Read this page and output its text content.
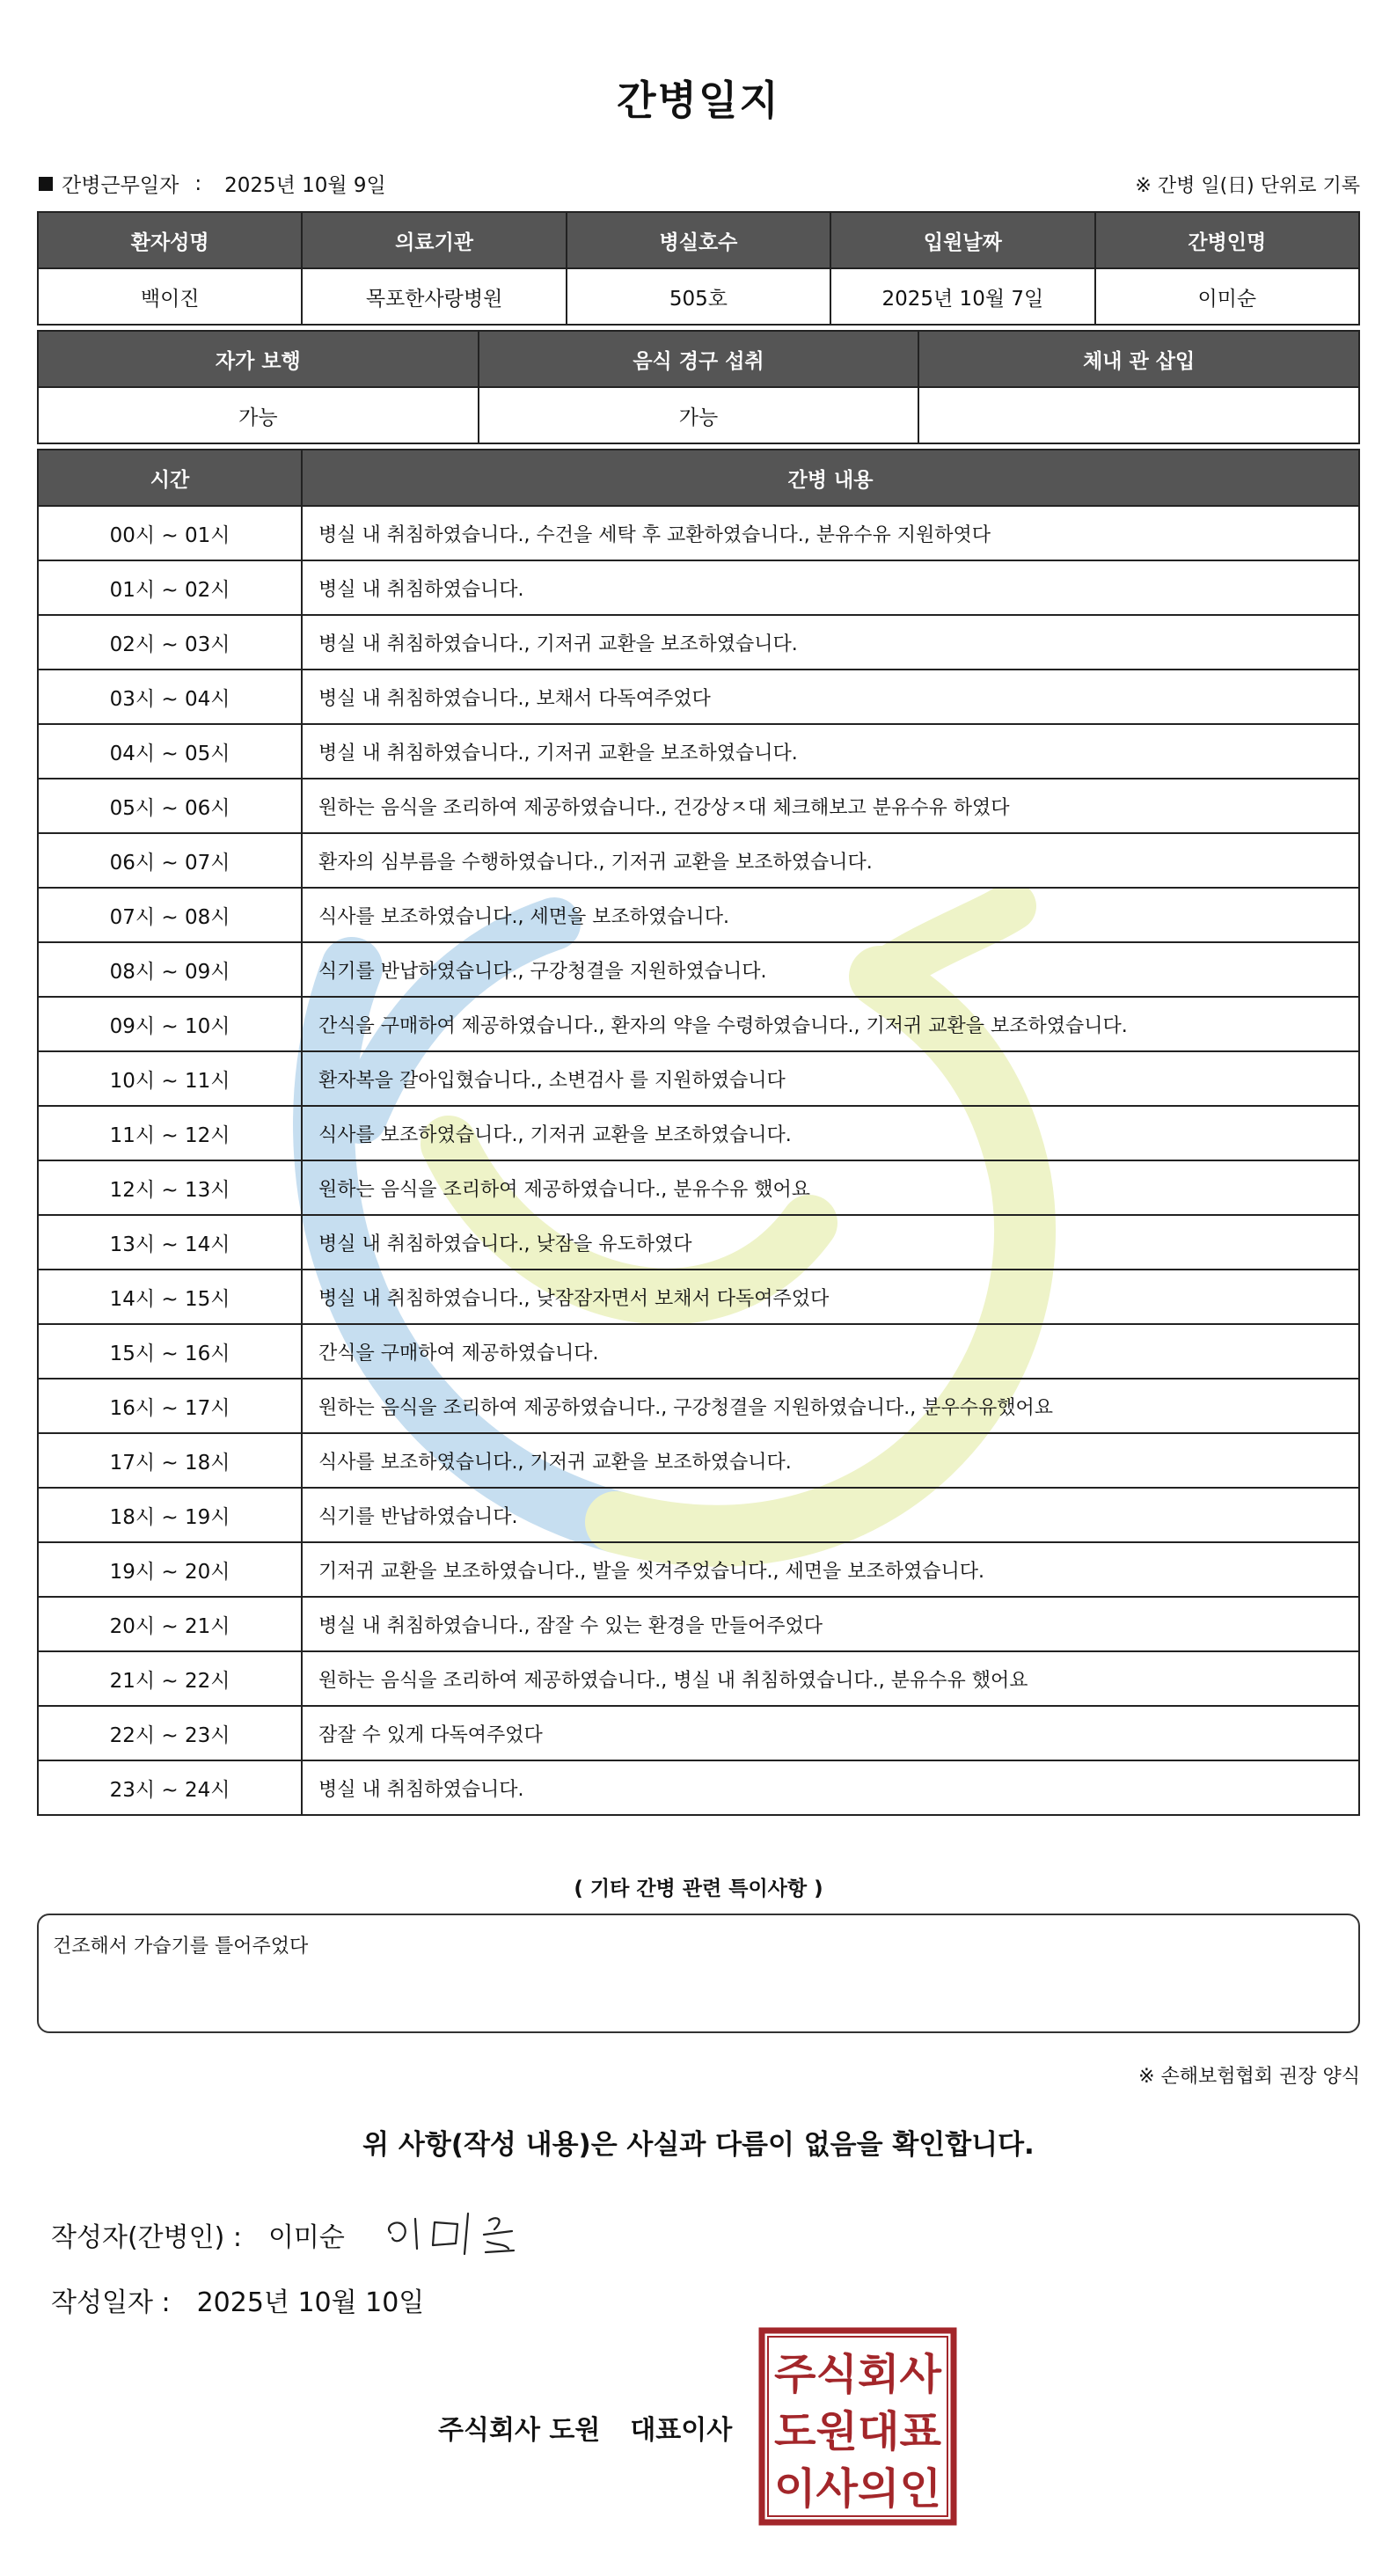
간병일지
간병근무일자 : 2025년 10월 9일	※ 간병 일(日) 단위로 기록
환자성명	의료기관	병실호수	입원날짜	간병인명
백이진	목포한사랑병원	505호	2025년 10월 7일	이미순
자가 보행	음식 경구 섭취	체내 관 삽입
가능	가능	
시간	간병 내용
00시 ~ 01시	병실 내 취침하였습니다., 수건을 세탁 후 교환하였습니다., 분유수유 지원하엿다
01시 ~ 02시	병실 내 취침하였습니다.
02시 ~ 03시	병실 내 취침하였습니다., 기저귀 교환을 보조하였습니다.
03시 ~ 04시	병실 내 취침하였습니다., 보채서 다독여주었다
04시 ~ 05시	병실 내 취침하였습니다., 기저귀 교환을 보조하였습니다.
05시 ~ 06시	원하는 음식을 조리하여 제공하였습니다., 건강상ㅈ대 체크해보고 분유수유 하였다
06시 ~ 07시	환자의 심부름을 수행하였습니다., 기저귀 교환을 보조하였습니다.
07시 ~ 08시	식사를 보조하였습니다., 세면을 보조하였습니다.
08시 ~ 09시	식기를 반납하였습니다., 구강청결을 지원하였습니다.
09시 ~ 10시	간식을 구매하여 제공하였습니다., 환자의 약을 수령하였습니다., 기저귀 교환을 보조하였습니다.
10시 ~ 11시	환자복을 갈아입혔습니다., 소변검사 를 지원하였습니다
11시 ~ 12시	식사를 보조하였습니다., 기저귀 교환을 보조하였습니다.
12시 ~ 13시	원하는 음식을 조리하여 제공하였습니다., 분유수유 했어요
13시 ~ 14시	병실 내 취침하였습니다., 낮잠을 유도하였다
14시 ~ 15시	병실 내 취침하였습니다., 낮잠잠자면서 보채서 다독여주었다
15시 ~ 16시	간식을 구매하여 제공하였습니다.
16시 ~ 17시	원하는 음식을 조리하여 제공하였습니다., 구강청결을 지원하였습니다., 분우수유했어요
17시 ~ 18시	식사를 보조하였습니다., 기저귀 교환을 보조하였습니다.
18시 ~ 19시	식기를 반납하였습니다.
19시 ~ 20시	기저귀 교환을 보조하였습니다., 발을 씻겨주었습니다., 세면을 보조하였습니다.
20시 ~ 21시	병실 내 취침하였습니다., 잠잘 수 있는 환경을 만들어주었다
21시 ~ 22시	원하는 음식을 조리하여 제공하였습니다., 병실 내 취침하였습니다., 분유수유 했어요
22시 ~ 23시	잠잘 수 있게 다독여주었다
23시 ~ 24시	병실 내 취침하였습니다.
( 기타 간병 관련 특이사항 )
건조해서 가습기를 틀어주었다
※ 손해보험협회 권장 양식
위 사항(작성 내용)은 사실과 다름이 없음을 확인합니다.
작성자(간병인) : 이미순
작성일자 : 2025년 10월 10일
주식회사 도원 대표이사
주식회사
도원대표
이사의인
